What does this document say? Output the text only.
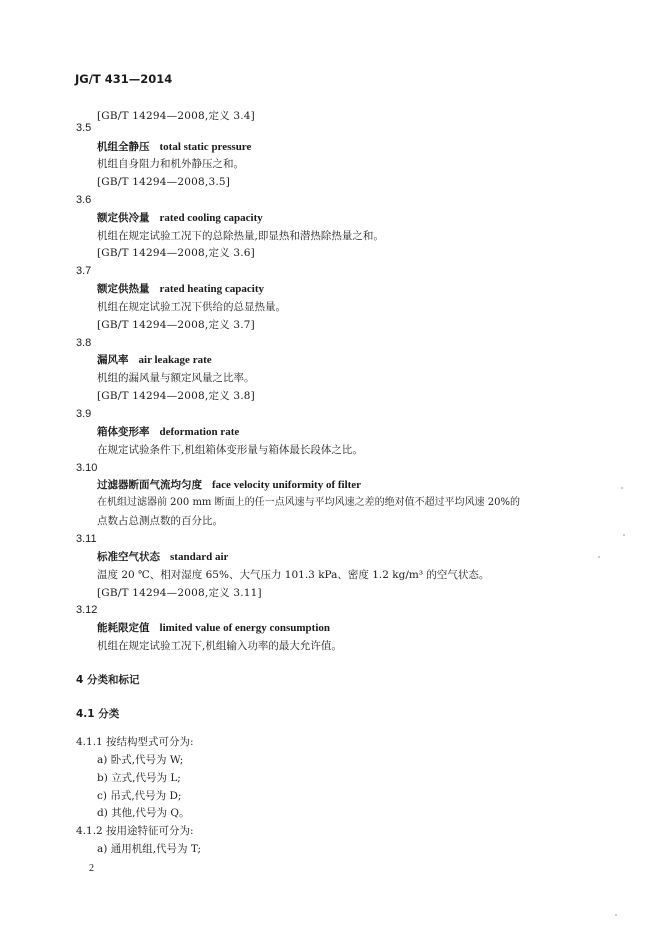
JG/T 431—2014
[GB/T 14294—2008,定义 3.4]
3.5
机组全静压 total static pressure
机组自身阻力和机外静压之和。
[GB/T 14294—2008,3.5]
3.6
额定供冷量 rated cooling capacity
机组在规定试验工况下的总除热量,即显热和潜热除热量之和。
[GB/T 14294—2008,定义 3.6]
3.7
额定供热量 rated heating capacity
机组在规定试验工况下供给的总显热量。
[GB/T 14294—2008,定义 3.7]
3.8
漏风率 air leakage rate
机组的漏风量与额定风量之比率。
[GB/T 14294—2008,定义 3.8]
3.9
箱体变形率 deformation rate
在规定试验条件下,机组箱体变形量与箱体最长段体之比。
3.10
过滤器断面气流均匀度 face velocity uniformity of filter
在机组过滤器前 200 mm 断面上的任一点风速与平均风速之差的绝对值不超过平均风速 20%的
点数占总测点数的百分比。
3.11
标准空气状态 standard air
温度 20 ℃、相对湿度 65%、大气压力 101.3 kPa、密度 1.2 kg/m³ 的空气状态。
[GB/T 14294—2008,定义 3.11]
3.12
能耗限定值 limited value of energy consumption
机组在规定试验工况下,机组输入功率的最大允许值。
4 分类和标记
4.1 分类
4.1.1 按结构型式可分为:
a) 卧式,代号为 W;
b) 立式,代号为 L;
c) 吊式,代号为 D;
d) 其他,代号为 Q。
4.1.2 按用途特征可分为:
a) 通用机组,代号为 T;
2
